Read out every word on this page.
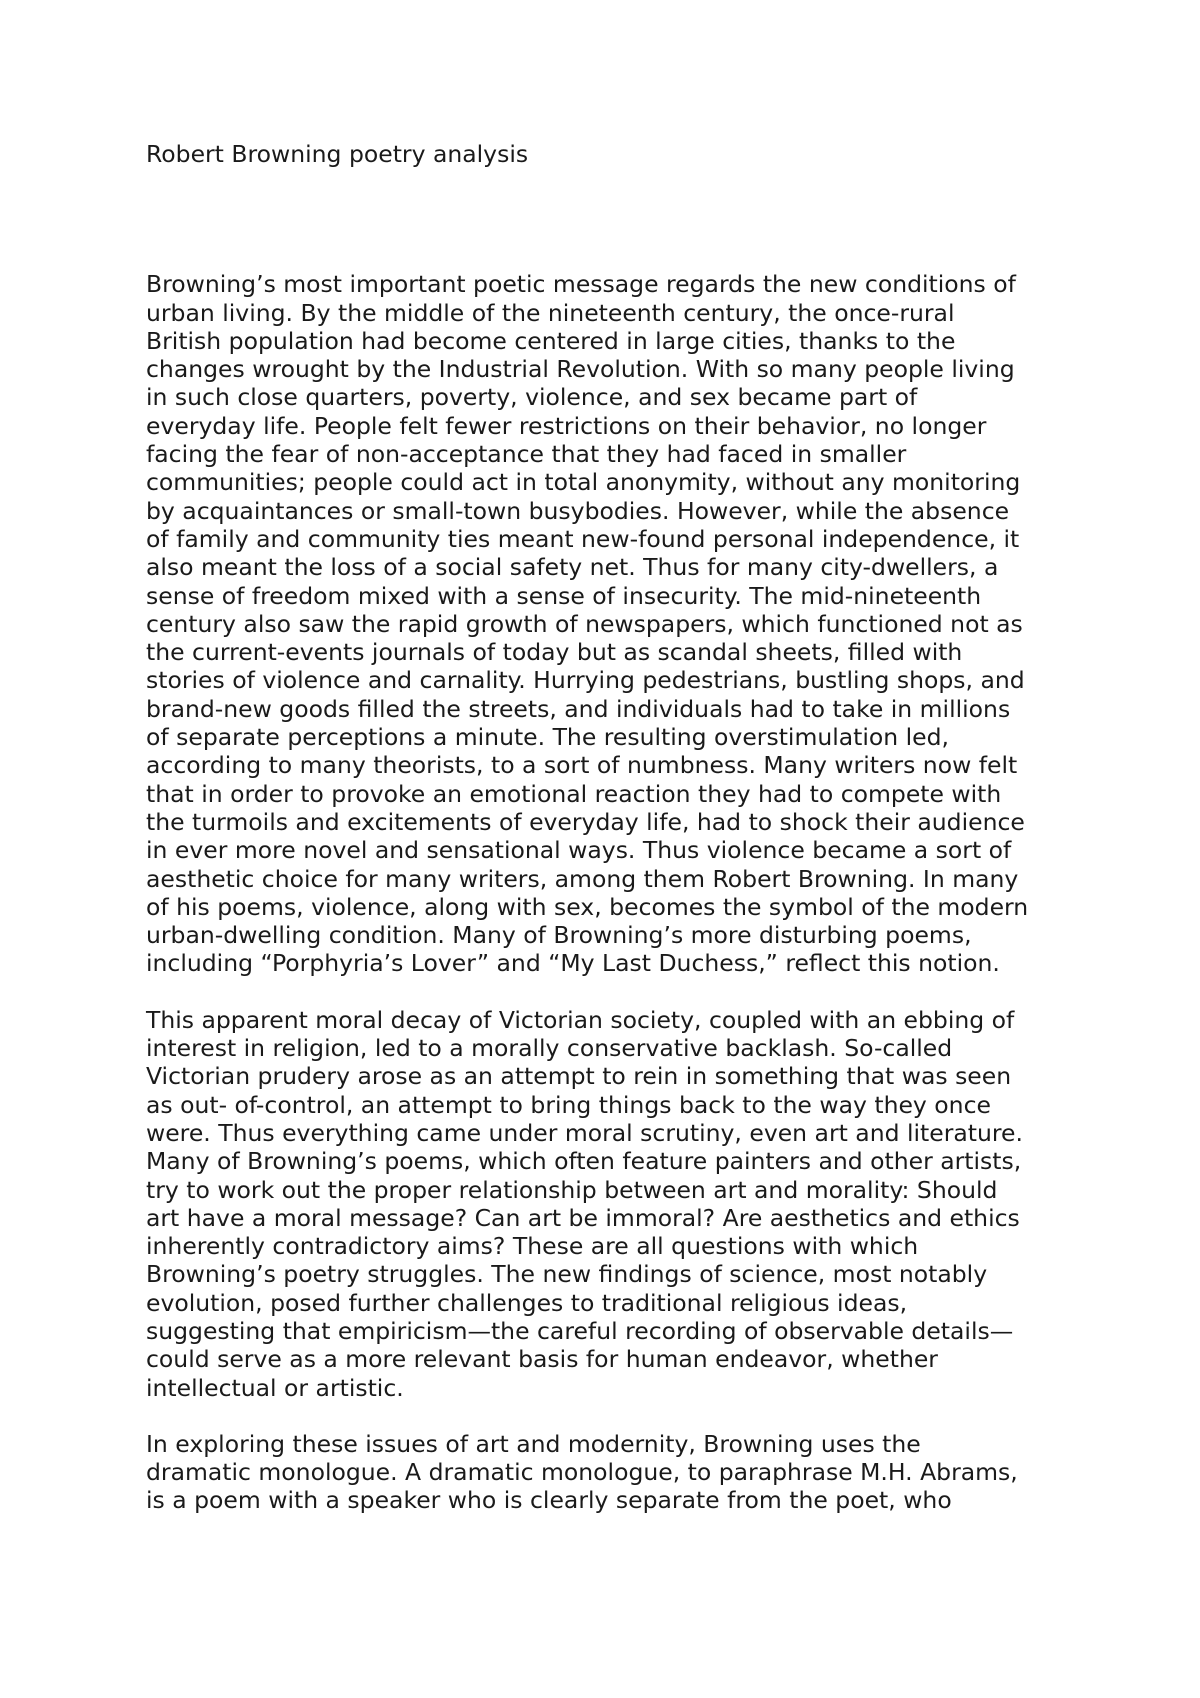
Robert Browning poetry analysis

Browning’s most important poetic message regards the new conditions of
urban living. By the middle of the nineteenth century, the once-rural
British population had become centered in large cities, thanks to the
changes wrought by the Industrial Revolution. With so many people living
in such close quarters, poverty, violence, and sex became part of
everyday life. People felt fewer restrictions on their behavior, no longer
facing the fear of non-acceptance that they had faced in smaller
communities; people could act in total anonymity, without any monitoring
by acquaintances or small-town busybodies. However, while the absence
of family and community ties meant new-found personal independence, it
also meant the loss of a social safety net. Thus for many city-dwellers, a
sense of freedom mixed with a sense of insecurity. The mid-nineteenth
century also saw the rapid growth of newspapers, which functioned not as
the current-events journals of today but as scandal sheets, filled with
stories of violence and carnality. Hurrying pedestrians, bustling shops, and
brand-new goods filled the streets, and individuals had to take in millions
of separate perceptions a minute. The resulting overstimulation led,
according to many theorists, to a sort of numbness. Many writers now felt
that in order to provoke an emotional reaction they had to compete with
the turmoils and excitements of everyday life, had to shock their audience
in ever more novel and sensational ways. Thus violence became a sort of
aesthetic choice for many writers, among them Robert Browning. In many
of his poems, violence, along with sex, becomes the symbol of the modern
urban-dwelling condition. Many of Browning’s more disturbing poems,
including “Porphyria’s Lover” and “My Last Duchess,” reflect this notion.

This apparent moral decay of Victorian society, coupled with an ebbing of
interest in religion, led to a morally conservative backlash. So-called
Victorian prudery arose as an attempt to rein in something that was seen
as out- of-control, an attempt to bring things back to the way they once
were. Thus everything came under moral scrutiny, even art and literature.
Many of Browning’s poems, which often feature painters and other artists,
try to work out the proper relationship between art and morality: Should
art have a moral message? Can art be immoral? Are aesthetics and ethics
inherently contradictory aims? These are all questions with which
Browning’s poetry struggles. The new findings of science, most notably
evolution, posed further challenges to traditional religious ideas,
suggesting that empiricism—the careful recording of observable details—
could serve as a more relevant basis for human endeavor, whether
intellectual or artistic.

In exploring these issues of art and modernity, Browning uses the
dramatic monologue. A dramatic monologue, to paraphrase M.H. Abrams,
is a poem with a speaker who is clearly separate from the poet, who
